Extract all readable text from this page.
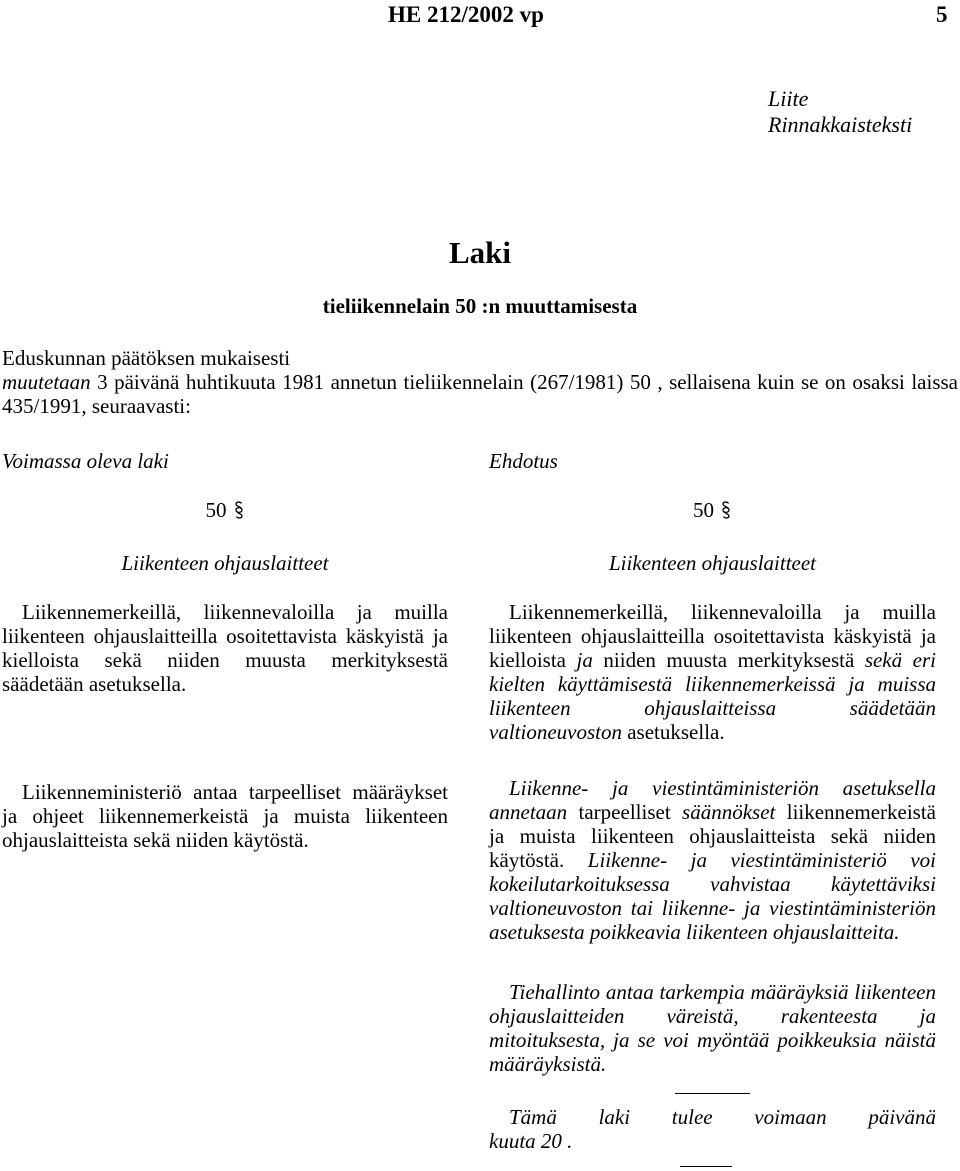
HE 212/2002 vp	5
Liite
Rinnakkaisteksti
Laki
tieliikennelain 50 :n muuttamisesta

Eduskunnan päätöksen mukaisesti

muutetaan 3 päivänä huhtikuuta 1981 annetun tieliikennelain (267/1981) 50 , sellaisena kuin se on osaksi laissa 435/1991, seuraavasti:

Voimassa oleva laki
50
Liikenteen ohjauslaitteet
Liikennemerkeillä, liikennevaloilla ja muilla liikenteen ohjauslaitteilla osoitettavista käskyistä ja kielloista sekä niiden muusta merkityksestä säädetään asetuksella.
Liikenneministeriö antaa tarpeelliset määräykset ja ohjeet liikennemerkeistä ja muista liikenteen ohjauslaitteista sekä niiden käytöstä.
Ehdotus
50
Liikenteen ohjauslaitteet
Liikennemerkeillä, liikennevaloilla ja muilla liikenteen ohjauslaitteilla osoitettavista käskyistä ja kielloista ja niiden muusta merkityksestä sekä eri kielten käyttämisestä liikennemerkeissä ja muissa liikenteen ohjauslaitteissa säädetään valtioneuvoston asetuksella.
Liikenne- ja viestintäministeriön asetuksella annetaan tarpeelliset säännökset liikennemerkeistä ja muista liikenteen ohjauslaitteista sekä niiden käytöstä. Liikenne- ja viestintäministeriö voi kokeilutarkoituksessa vahvistaa käytettäviksi valtioneuvoston tai liikenne- ja viestintäministeriön asetuksesta poikkeavia liikenteen ohjauslaitteita.
Tiehallinto antaa tarkempia määräyksiä liikenteen ohjauslaitteiden väreistä, rakenteesta ja mitoituksesta, ja se voi myöntää poikkeuksia näistä määräyksistä.
Tämä laki tulee voimaan päivänä
kuuta 20 .
